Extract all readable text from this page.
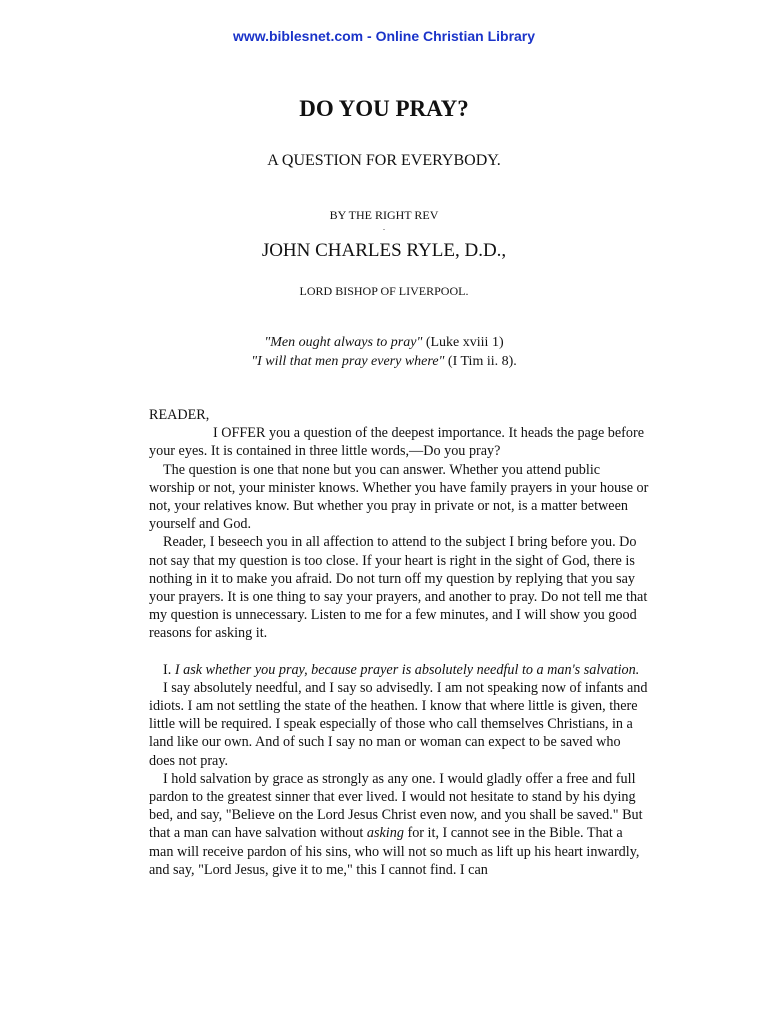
www.biblesnet.com - Online Christian Library
DO YOU PRAY?
A QUESTION FOR EVERYBODY.
BY THE RIGHT REV
.
JOHN CHARLES RYLE, D.D.,
LORD BISHOP OF LIVERPOOL.
"Men ought always to pray" (Luke xviii 1)
"I will that men pray every where" (I Tim ii. 8).

READER,

I OFFER you a question of the deepest importance. It heads the page before your eyes. It is contained in three little words,—Do you pray?

The question is one that none but you can answer. Whether you attend public worship or not, your minister knows. Whether you have family prayers in your house or not, your relatives know. But whether you pray in private or not, is a matter between yourself and God.

Reader, I beseech you in all affection to attend to the subject I bring before you. Do not say that my question is too close. If your heart is right in the sight of God, there is nothing in it to make you afraid. Do not turn off my question by replying that you say your prayers. It is one thing to say your prayers, and another to pray. Do not tell me that my question is unnecessary. Listen to me for a few minutes, and I will show you good reasons for asking it.

I. I ask whether you pray, because prayer is absolutely needful to a man's salvation.

I say absolutely needful, and I say so advisedly. I am not speaking now of infants and idiots. I am not settling the state of the heathen. I know that where little is given, there little will be required. I speak especially of those who call themselves Christians, in a land like our own. And of such I say no man or woman can expect to be saved who does not pray.

I hold salvation by grace as strongly as any one. I would gladly offer a free and full pardon to the greatest sinner that ever lived. I would not hesitate to stand by his dying bed, and say, "Believe on the Lord Jesus Christ even now, and you shall be saved." But that a man can have salvation without asking for it, I cannot see in the Bible. That a man will receive pardon of his sins, who will not so much as lift up his heart inwardly, and say, "Lord Jesus, give it to me," this I cannot find. I can
